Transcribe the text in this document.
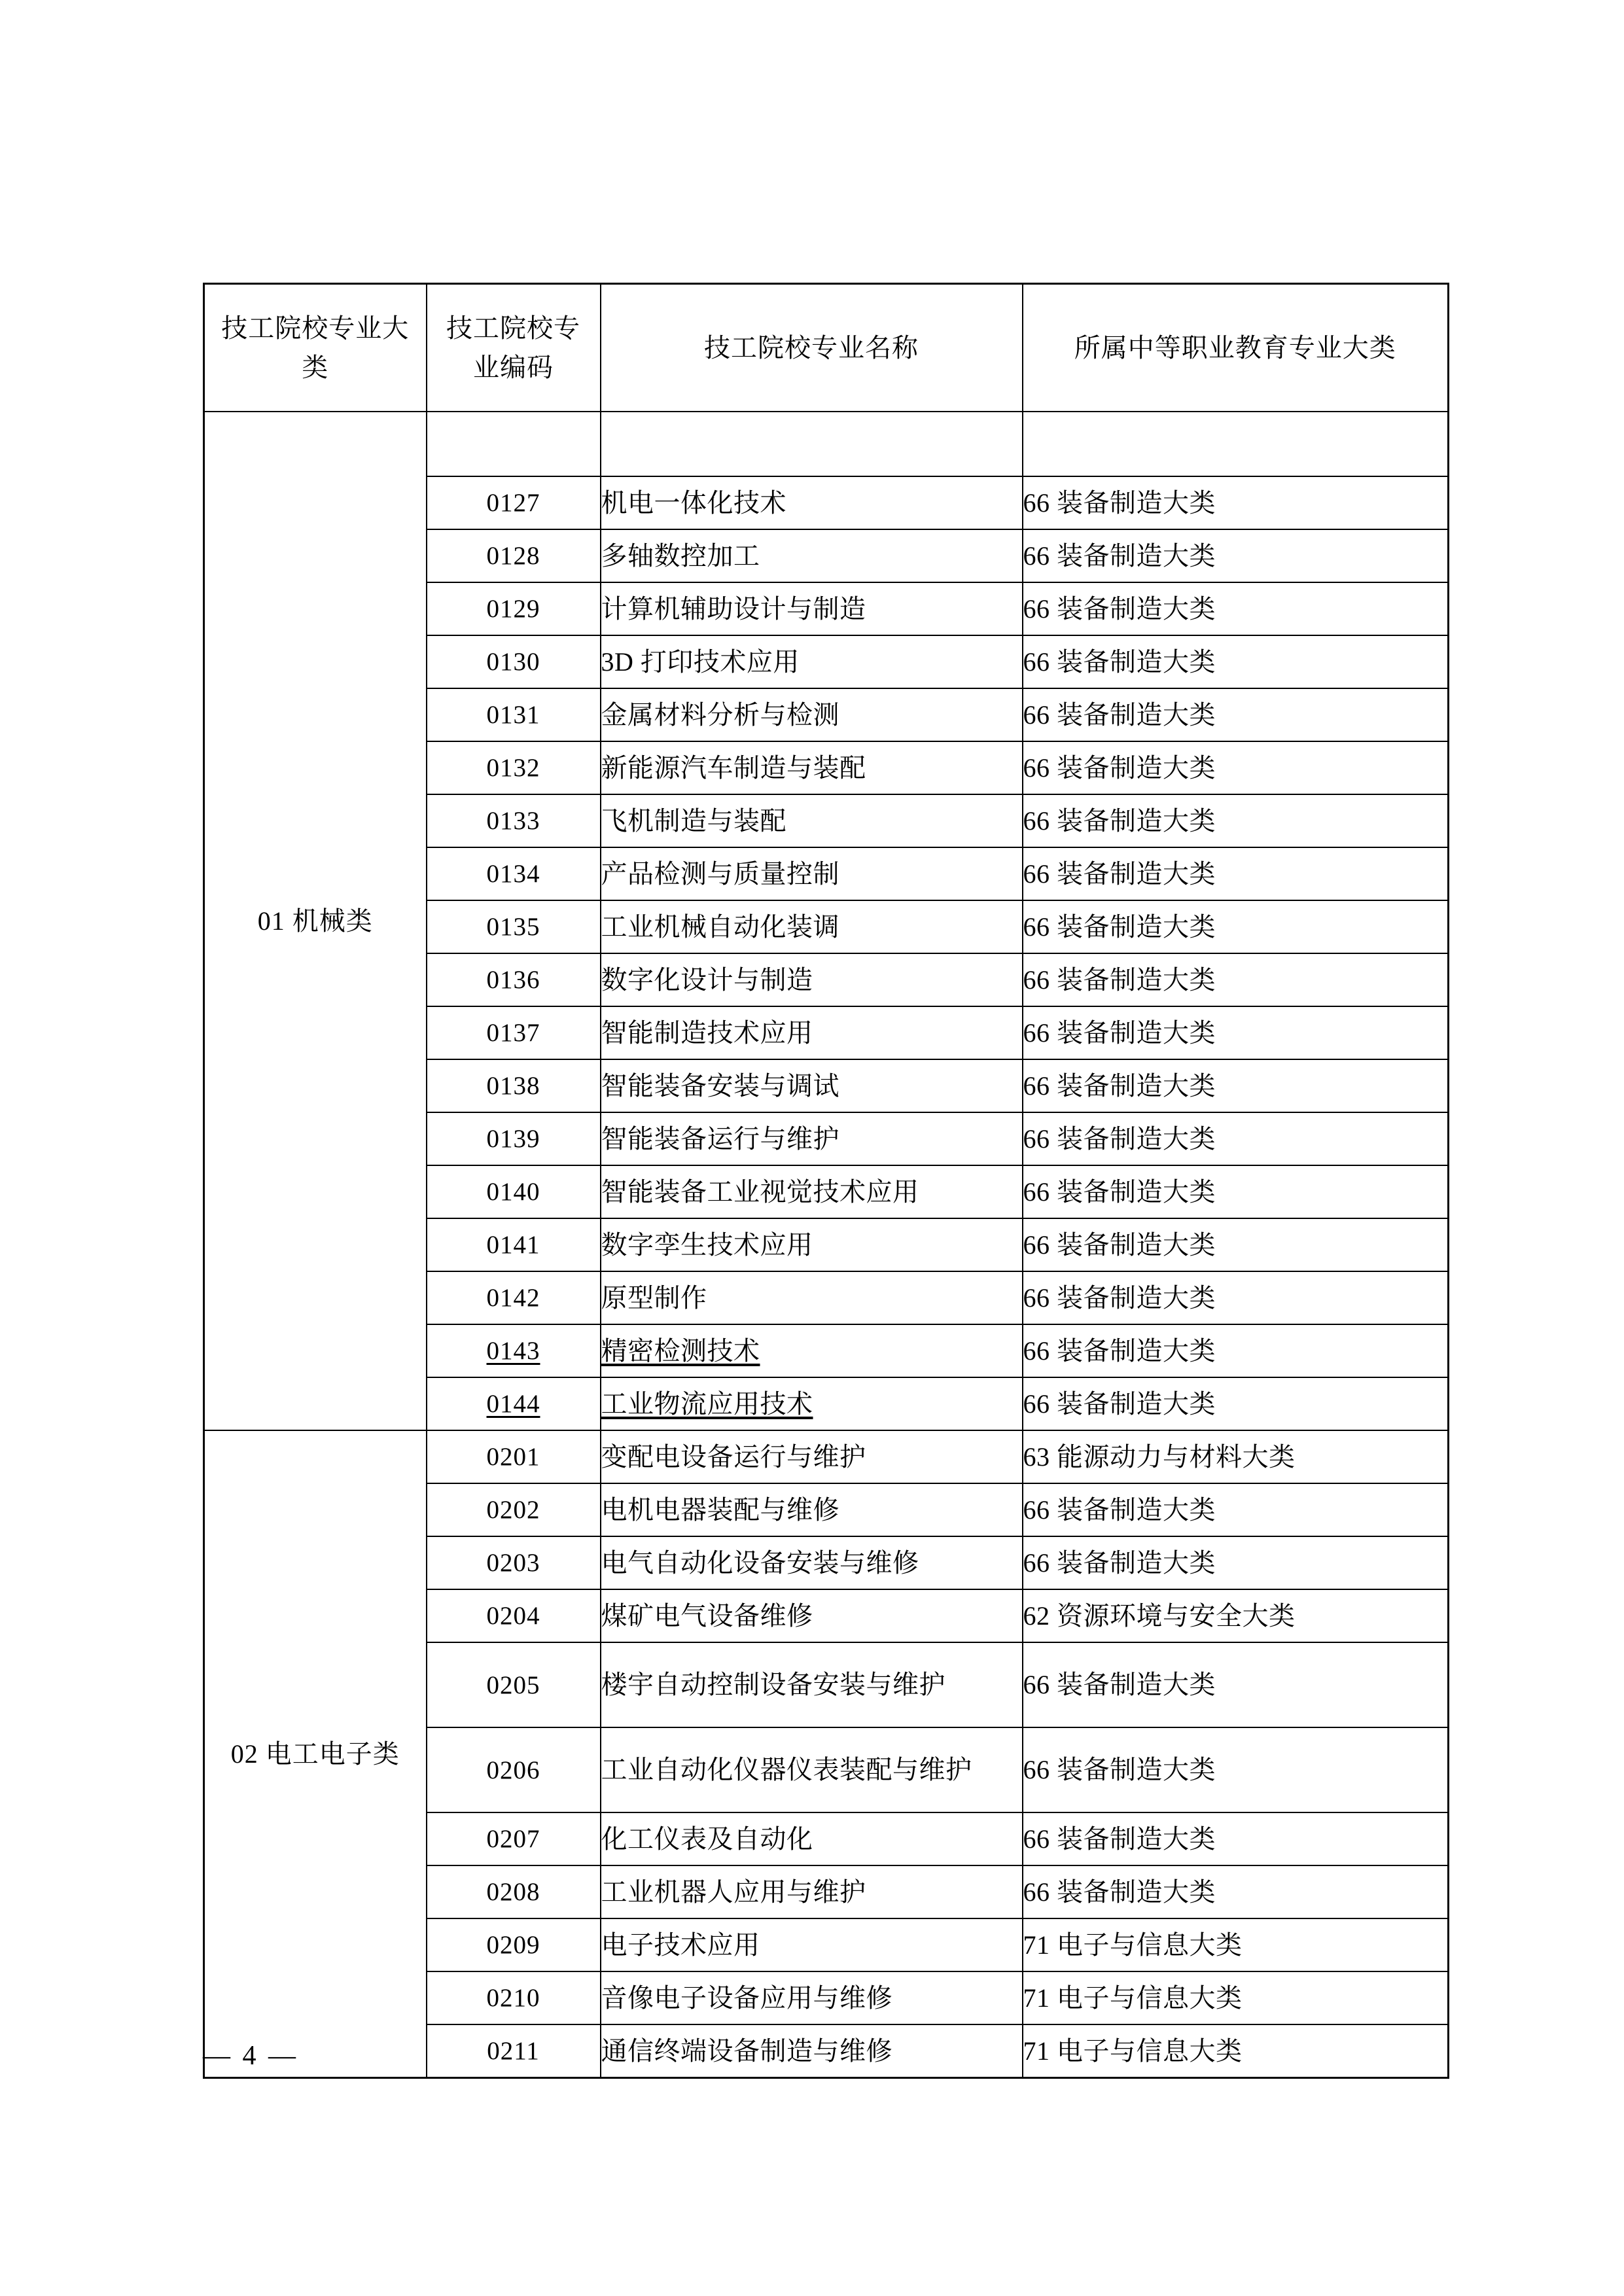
技工院校专业大类	技工院校专业编码	技工院校专业名称	所属中等职业教育专业大类

01 机械类			
	0127	机电一体化技术	66 装备制造大类
	0128	多轴数控加工	66 装备制造大类
	0129	计算机辅助设计与制造	66 装备制造大类
	0130	3D 打印技术应用	66 装备制造大类
	0131	金属材料分析与检测	66 装备制造大类
	0132	新能源汽车制造与装配	66 装备制造大类
	0133	飞机制造与装配	66 装备制造大类
	0134	产品检测与质量控制	66 装备制造大类
	0135	工业机械自动化装调	66 装备制造大类
	0136	数字化设计与制造	66 装备制造大类
	0137	智能制造技术应用	66 装备制造大类
	0138	智能装备安装与调试	66 装备制造大类
	0139	智能装备运行与维护	66 装备制造大类
	0140	智能装备工业视觉技术应用	66 装备制造大类
	0141	数字孪生技术应用	66 装备制造大类
	0142	原型制作	66 装备制造大类
	0143	精密检测技术	66 装备制造大类
	0144	工业物流应用技术	66 装备制造大类
02 电工电子类	0201	变配电设备运行与维护	63 能源动力与材料大类
	0202	电机电器装配与维修	66 装备制造大类
	0203	电气自动化设备安装与维修	66 装备制造大类
	0204	煤矿电气设备维修	62 资源环境与安全大类
	0205	楼宇自动控制设备安装与维护	66 装备制造大类
	0206	工业自动化仪器仪表装配与维护	66 装备制造大类
	0207	化工仪表及自动化	66 装备制造大类
	0208	工业机器人应用与维护	66 装备制造大类
	0209	电子技术应用	71 电子与信息大类
	0210	音像电子设备应用与维修	71 电子与信息大类
	0211	通信终端设备制造与维修	71 电子与信息大类
— 4 —
